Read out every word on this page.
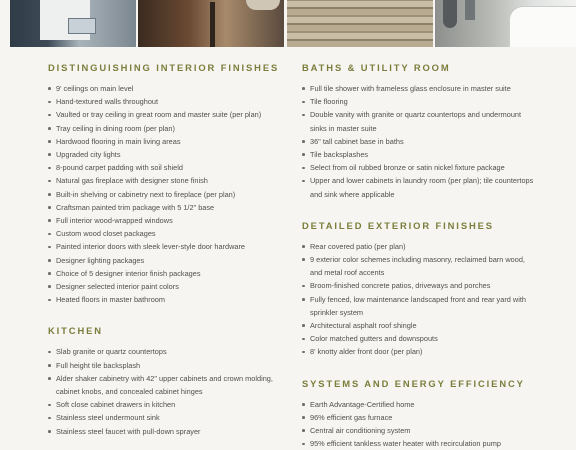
DISTINGUISHING INTERIOR FINISHES
9' ceilings on main level
Hand-textured walls throughout
Vaulted or tray ceiling in great room and master suite (per plan)
Tray ceiling in dining room (per plan)
Hardwood flooring in main living areas
Upgraded city lights
8-pound carpet padding with soil shield
Natural gas fireplace with designer stone finish
Built-in shelving or cabinetry next to fireplace (per plan)
Craftsman painted trim package with 5 1/2" base
Full interior wood-wrapped windows
Custom wood closet packages
Painted interior doors with sleek lever-style door hardware
Designer lighting packages
Choice of 5 designer interior finish packages
Designer selected interior paint colors
Heated floors in master bathroom
KITCHEN
Slab granite or quartz countertops
Full height tile backsplash
Alder shaker cabinetry with 42" upper cabinets and crown molding, cabinet knobs, and concealed cabinet hinges
Soft close cabinet drawers in kitchen
Stainless steel undermount sink
Stainless steel faucet with pull-down sprayer
BATHS & UTILITY ROOM
Full tile shower with frameless glass enclosure in master suite
Tile flooring
Double vanity with granite or quartz countertops and undermount sinks in master suite
36" tall cabinet base in baths
Tile backsplashes
Select from oil rubbed bronze or satin nickel fixture package
Upper and lower cabinets in laundry room (per plan); tile countertops and sink where applicable
DETAILED EXTERIOR FINISHES
Rear covered patio (per plan)
9 exterior color schemes including masonry, reclaimed barn wood, and metal roof accents
Broom-finished concrete patios, driveways and porches
Fully fenced, low maintenance landscaped front and rear yard with sprinkler system
Architectural asphalt roof shingle
Color matched gutters and downspouts
8' knotty alder front door (per plan)
SYSTEMS AND ENERGY EFFICIENCY
Earth Advantage-Certified home
96% efficient gas furnace
Central air conditioning system
95% efficient tankless water heater with recirculation pump
